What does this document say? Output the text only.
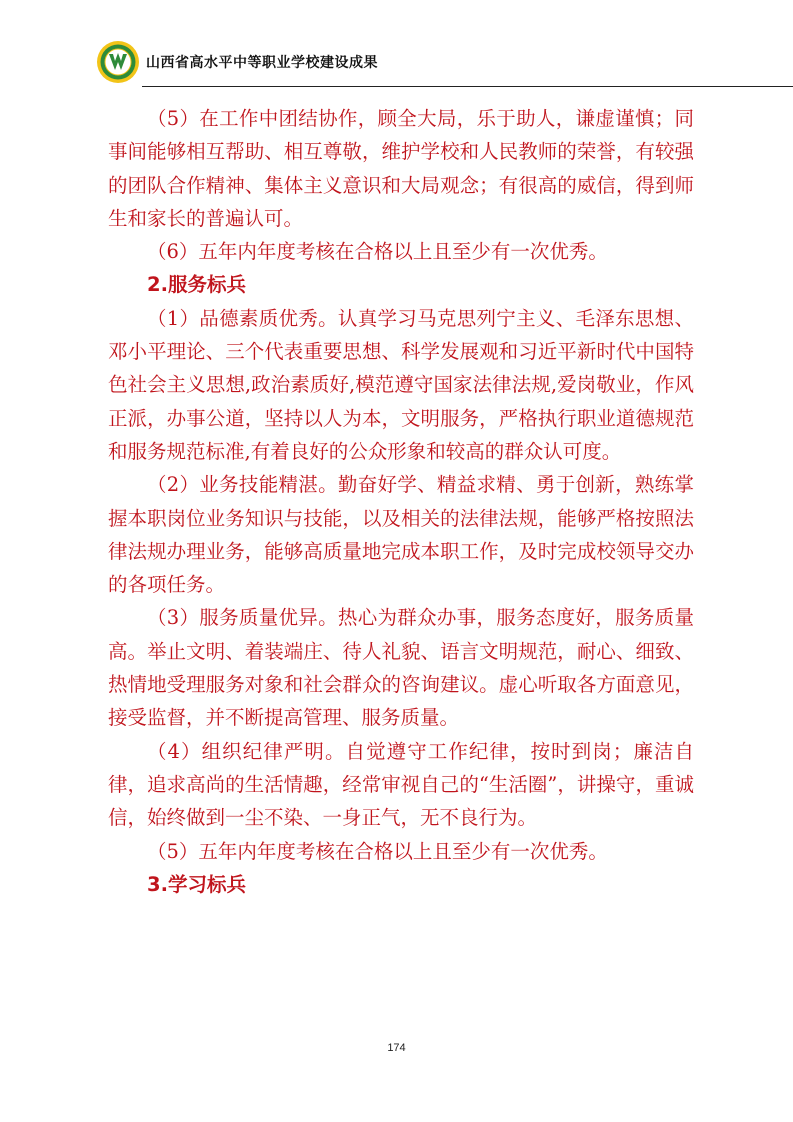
山西省高水平中等职业学校建设成果

（5）在工作中团结协作，顾全大局，乐于助人，谦虚谨慎；同事间能够相互帮助、相互尊敬，维护学校和人民教师的荣誉，有较强的团队合作精神、集体主义意识和大局观念；有很高的威信，得到师生和家长的普遍认可。

（6）五年内年度考核在合格以上且至少有一次优秀。

2.服务标兵

（1）品德素质优秀。认真学习马克思列宁主义、毛泽东思想、邓小平理论、三个代表重要思想、科学发展观和习近平新时代中国特色社会主义思想,政治素质好,模范遵守国家法律法规,爱岗敬业，作风正派，办事公道，坚持以人为本，文明服务，严格执行职业道德规范和服务规范标准,有着良好的公众形象和较高的群众认可度。

（2）业务技能精湛。勤奋好学、精益求精、勇于创新，熟练掌握本职岗位业务知识与技能，以及相关的法律法规，能够严格按照法律法规办理业务，能够高质量地完成本职工作，及时完成校领导交办的各项任务。

（3）服务质量优异。热心为群众办事，服务态度好，服务质量高。举止文明、着装端庄、待人礼貌、语言文明规范，耐心、细致、热情地受理服务对象和社会群众的咨询建议。虚心听取各方面意见，接受监督，并不断提高管理、服务质量。

（4）组织纪律严明。自觉遵守工作纪律，按时到岗；廉洁自律，追求高尚的生活情趣，经常审视自己的“生活圈”，讲操守，重诚信，始终做到一尘不染、一身正气，无不良行为。

（5）五年内年度考核在合格以上且至少有一次优秀。

3.学习标兵

174
